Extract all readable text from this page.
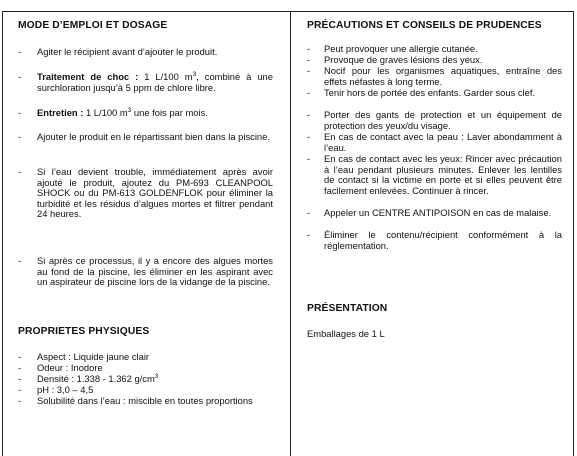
MODE D’EMPLOI ET DOSAGE
- Agiter le récipient avant d’ajouter le produit.

- Traitement de choc : 1 L/100 $m^3$, combiné à une surchloration jusqu’à 5 ppm de chlore libre.

- Entretien : 1 L/100 $m^3$ une fois par mois.

- Ajouter le produit en le répartissant bien dans la piscine.

- Si l’eau devient trouble, immédiatement après avoir ajouté le produit, ajoutez du PM-693 CLEANPOOL SHOCK ou du PM-613 GOLDENFLOK pour éliminer la turbidité et les résidus d’algues mortes et filtrer pendant 24 heures.

- Si après ce processus, il y a encore des algues mortes au fond de la piscine, les éliminer en les aspirant avec un aspirateur de piscine lors de la vidange de la piscine.

PROPRIETES PHYSIQUES
- Aspect : Liquide jaune clair

- Odeur : Inodore

- Densité : 1.338 - 1.362 $g/cm^3$

- pH : 3,0 – 4,5

- Solubilité dans l’eau : miscible en toutes proportions

PRÉCAUTIONS ET CONSEILS DE PRUDENCES
- Peut provoquer une allergie cutanée.

- Provoque de graves lésions des yeux.

- Nocif pour les organismes aquatiques, entraîne des effets néfastes à long terme.

- Tenir hors de portée des enfants. Garder sous clef.

- Porter des gants de protection et un équipement de protection des yeux/du visage.

- En cas de contact avec la peau : Laver abondamment à l’eau.

- En cas de contact avec les yeux: Rincer avec précaution à l’eau pendant plusieurs minutes. Enlever les lentilles de contact si la victime en porte et si elles peuvent être facilement enlevées. Continuer à rincer.

- Appeler un CENTRE ANTIPOISON en cas de malaise.

- Éliminer le contenu/récipient conformément à la réglementation.

PRÉSENTATION
Emballages de 1 L
